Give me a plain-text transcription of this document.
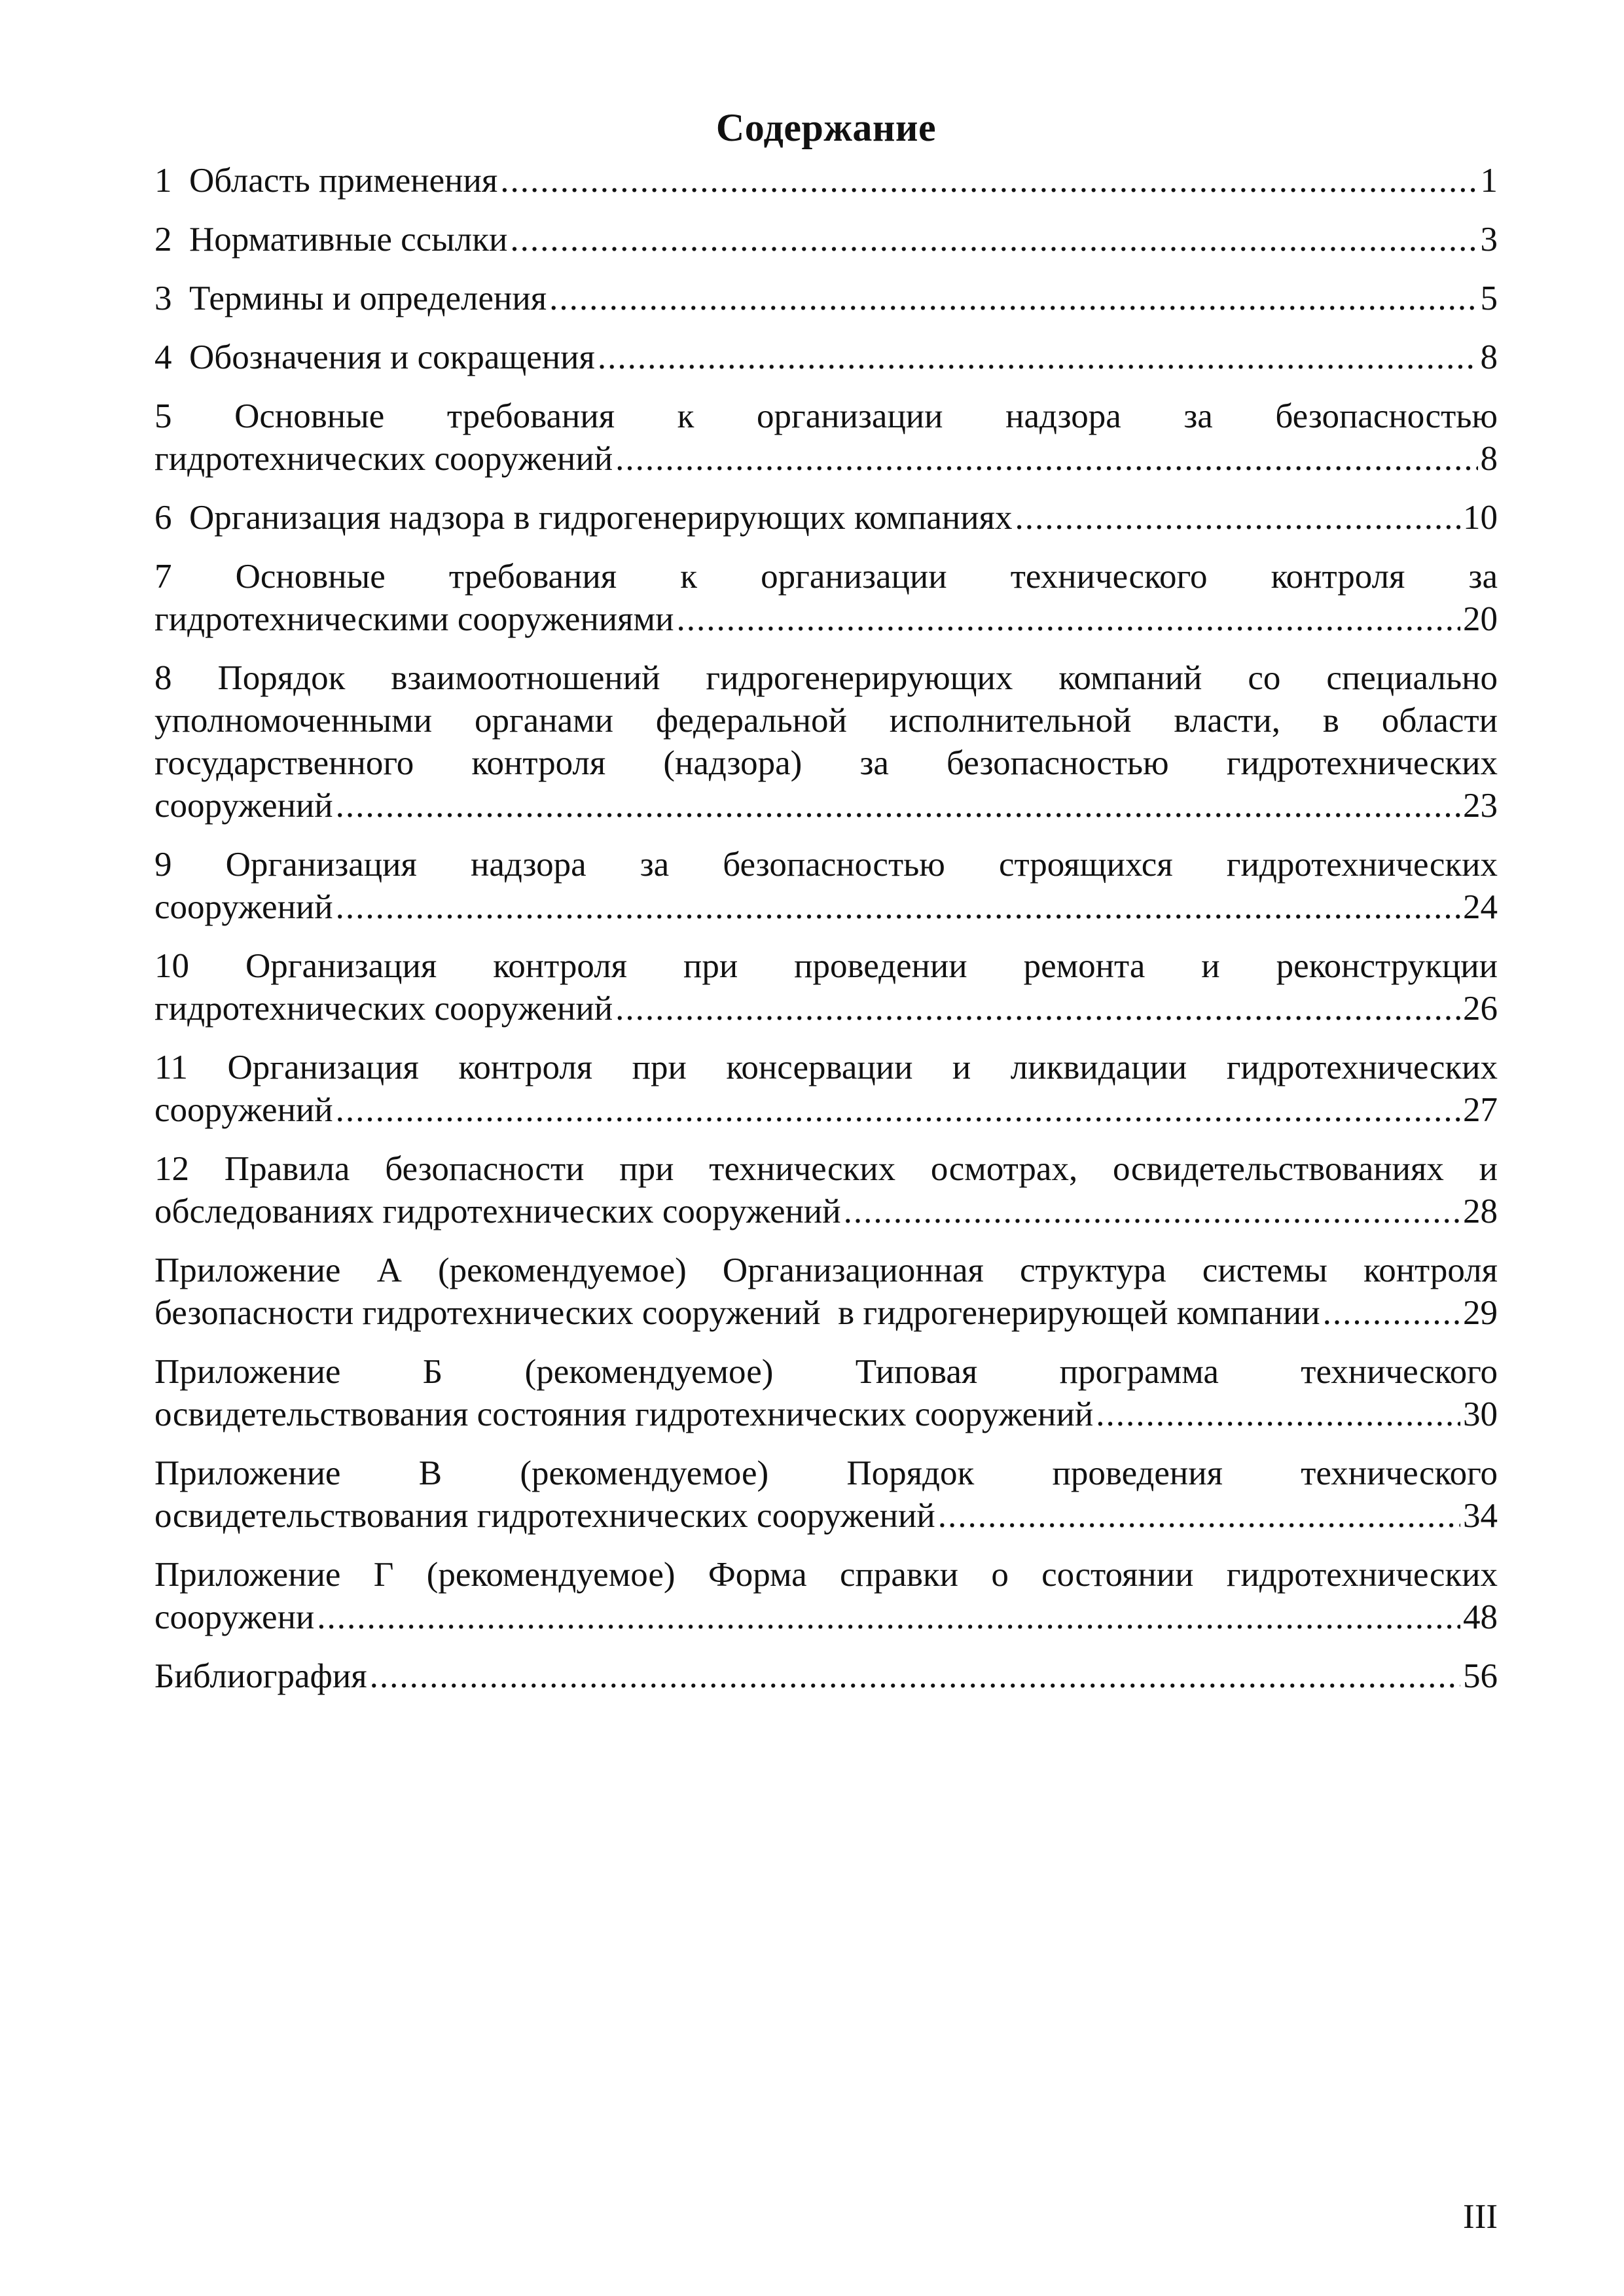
Содержание
1  Область применения .....	1
2  Нормативные ссылки .....	3
3  Термины и определения .....	5
4  Обозначения и сокращения .....	8
5 Основные требования к организации надзора за безопасностью
гидротехнических сооружений .....	8
6  Организация надзора в гидрогенерирующих компаниях .....	10
7 Основные требования к организации технического контроля за
гидротехническими сооружениями .....	20
8 Порядок взаимоотношений гидрогенерирующих компаний со специально
уполномоченными органами федеральной исполнительной власти, в области
государственного контроля (надзора) за безопасностью гидротехнических
сооружений .....	23
9 Организация надзора за безопасностью строящихся гидротехнических
сооружений .....	24
10 Организация контроля при проведении ремонта и реконструкции
гидротехнических сооружений .....	26
11 Организация контроля при консервации и ликвидации гидротехнических
сооружений .....	27
12 Правила безопасности при технических осмотрах, освидетельствованиях и
обследованиях гидротехнических сооружений .....	28
Приложение А (рекомендуемое) Организационная структура системы контроля
безопасности гидротехнических сооружений  в гидрогенерирующей компании .....	29
Приложение Б (рекомендуемое) Типовая программа технического
освидетельствования состояния гидротехнических сооружений .....	30
Приложение В (рекомендуемое) Порядок проведения технического
освидетельствования гидротехнических сооружений .....	34
Приложение Г (рекомендуемое) Форма справки о состоянии гидротехнических
сооружени .....	48
Библиография .....	56
III
